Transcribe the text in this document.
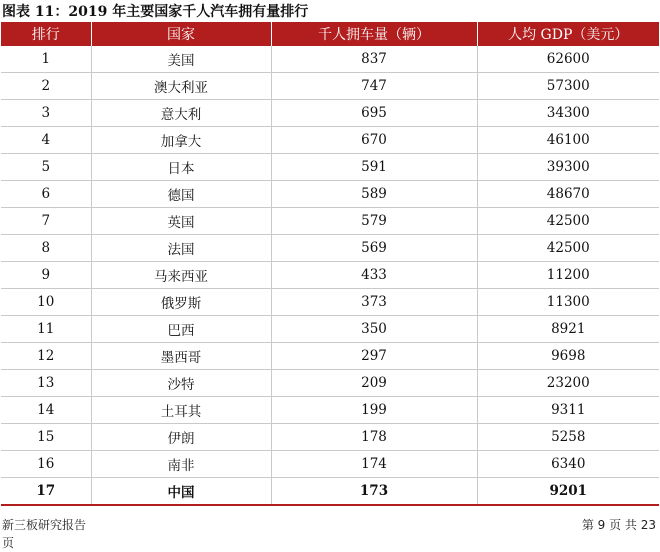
图表 11：2019 年主要国家千人汽车拥有量排行
排行	国家	千人拥车量（辆）	人均 GDP（美元）
1	美国	837	62600
2	澳大利亚	747	57300
3	意大利	695	34300
4	加拿大	670	46100
5	日本	591	39300
6	德国	589	48670
7	英国	579	42500
8	法国	569	42500
9	马来西亚	433	11200
10	俄罗斯	373	11300
11	巴西	350	8921
12	墨西哥	297	9698
13	沙特	209	23200
14	土耳其	199	9311
15	伊朗	178	5258
16	南非	174	6340
17	中国	173	9201
新三板研究报告
页
第 9 页 共 23
